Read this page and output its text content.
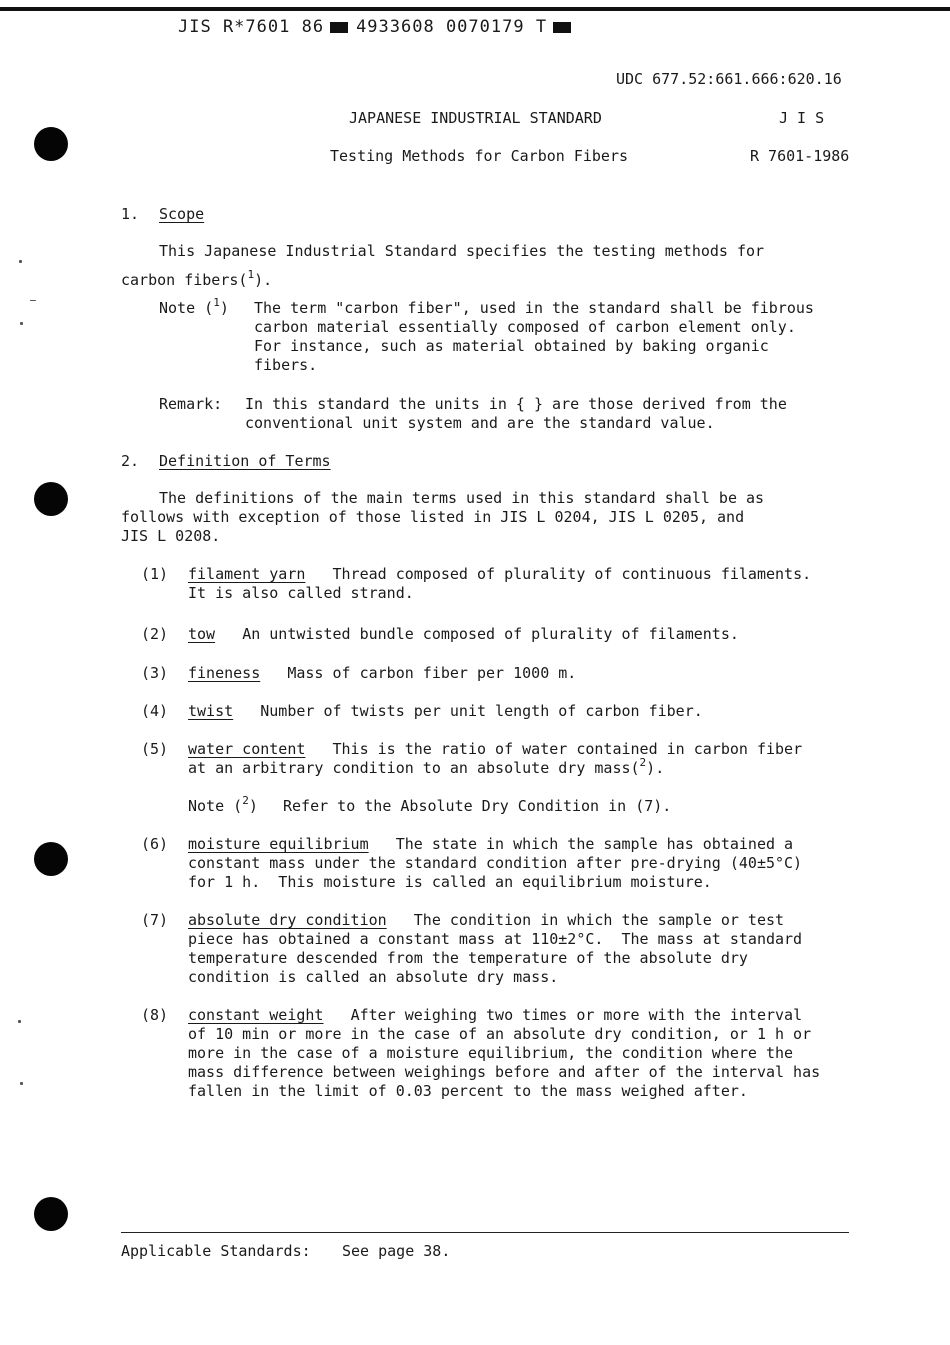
JIS R*7601 86 4933608 0070179 T
UDC 677.52:661.666:620.16
JAPANESE INDUSTRIAL STANDARD	J I S
Testing Methods for Carbon Fibers	R 7601-1986
1. Scope
This Japanese Industrial Standard specifies the testing methods for
carbon fibers($^1$).
Note ($^1$) The term "carbon fiber", used in the standard shall be fibrous
carbon material essentially composed of carbon element only.
For instance, such as material obtained by baking organic
fibers.
Remark: In this standard the units in { } are those derived from the
conventional unit system and are the standard value.
2. Definition of Terms
The definitions of the main terms used in this standard shall be as
follows with exception of those listed in JIS L 0204, JIS L 0205, and
JIS L 0208.
(1) filament yarn Thread composed of plurality of continuous filaments.
It is also called strand.
(2) tow An untwisted bundle composed of plurality of filaments.
(3) fineness Mass of carbon fiber per 1000 m.
(4) twist Number of twists per unit length of carbon fiber.
(5) water content This is the ratio of water contained in carbon fiber
at an arbitrary condition to an absolute dry mass($^2$).
Note ($^2$) Refer to the Absolute Dry Condition in (7).
(6) moisture equilibrium The state in which the sample has obtained a
constant mass under the standard condition after pre-drying (40±5°C)
for 1 h.  This moisture is called an equilibrium moisture.
(7) absolute dry condition The condition in which the sample or test
piece has obtained a constant mass at 110±2°C.  The mass at standard
temperature descended from the temperature of the absolute dry
condition is called an absolute dry mass.
(8) constant weight After weighing two times or more with the interval
of 10 min or more in the case of an absolute dry condition, or 1 h or
more in the case of a moisture equilibrium, the condition where the
mass difference between weighings before and after of the interval has
fallen in the limit of 0.03 percent to the mass weighed after.
Applicable Standards: See page 38.
